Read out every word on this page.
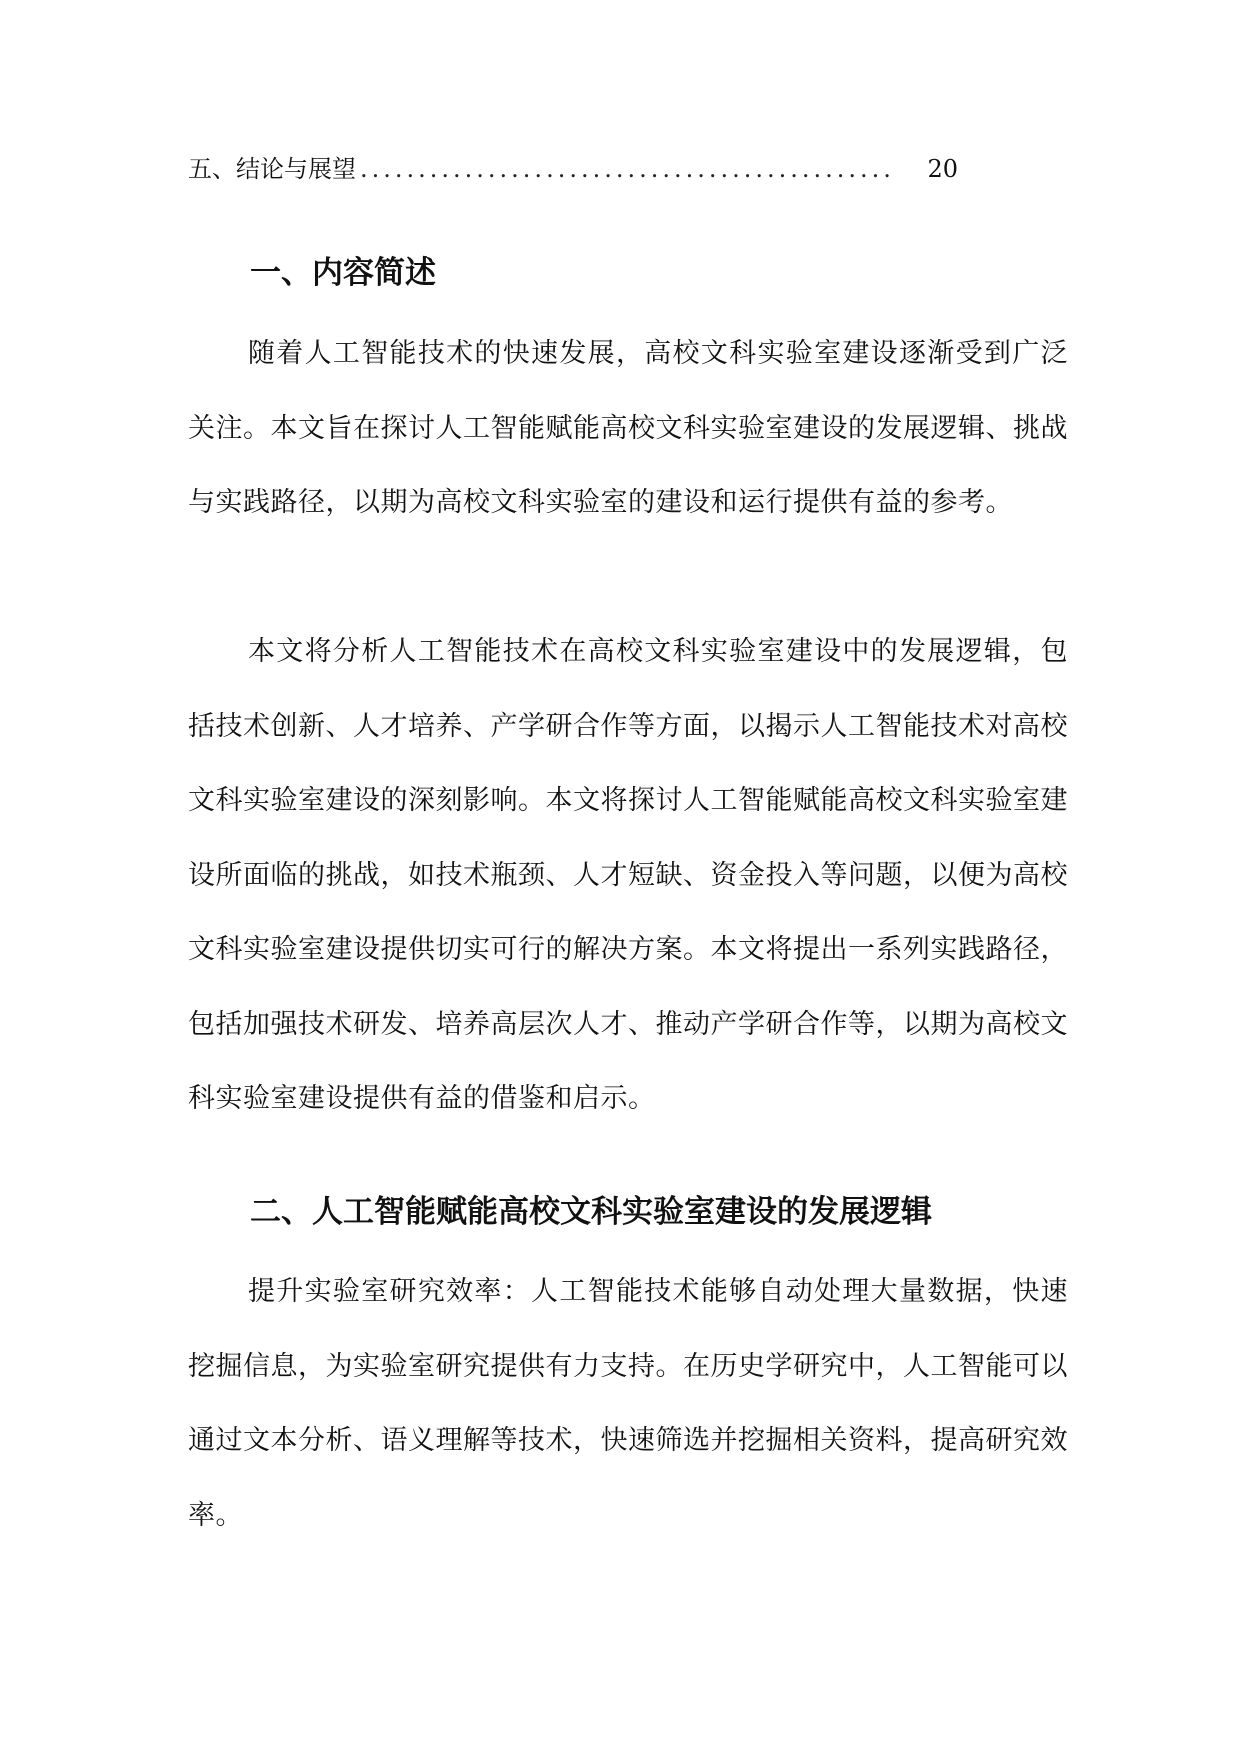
五、结论与展望 ..............................................	20
一、内容简述

随着人工智能技术的快速发展，高校文科实验室建设逐渐受到广泛关注。本文旨在探讨人工智能赋能高校文科实验室建设的发展逻辑、挑战与实践路径，以期为高校文科实验室的建设和运行提供有益的参考。

本文将分析人工智能技术在高校文科实验室建设中的发展逻辑，包括技术创新、人才培养、产学研合作等方面，以揭示人工智能技术对高校文科实验室建设的深刻影响。本文将探讨人工智能赋能高校文科实验室建设所面临的挑战，如技术瓶颈、人才短缺、资金投入等问题，以便为高校文科实验室建设提供切实可行的解决方案。本文将提出一系列实践路径，包括加强技术研发、培养高层次人才、推动产学研合作等，以期为高校文科实验室建设提供有益的借鉴和启示。

二、人工智能赋能高校文科实验室建设的发展逻辑

提升实验室研究效率：人工智能技术能够自动处理大量数据，快速挖掘信息，为实验室研究提供有力支持。在历史学研究中，人工智能可以通过文本分析、语义理解等技术，快速筛选并挖掘相关资料，提高研究效率。
